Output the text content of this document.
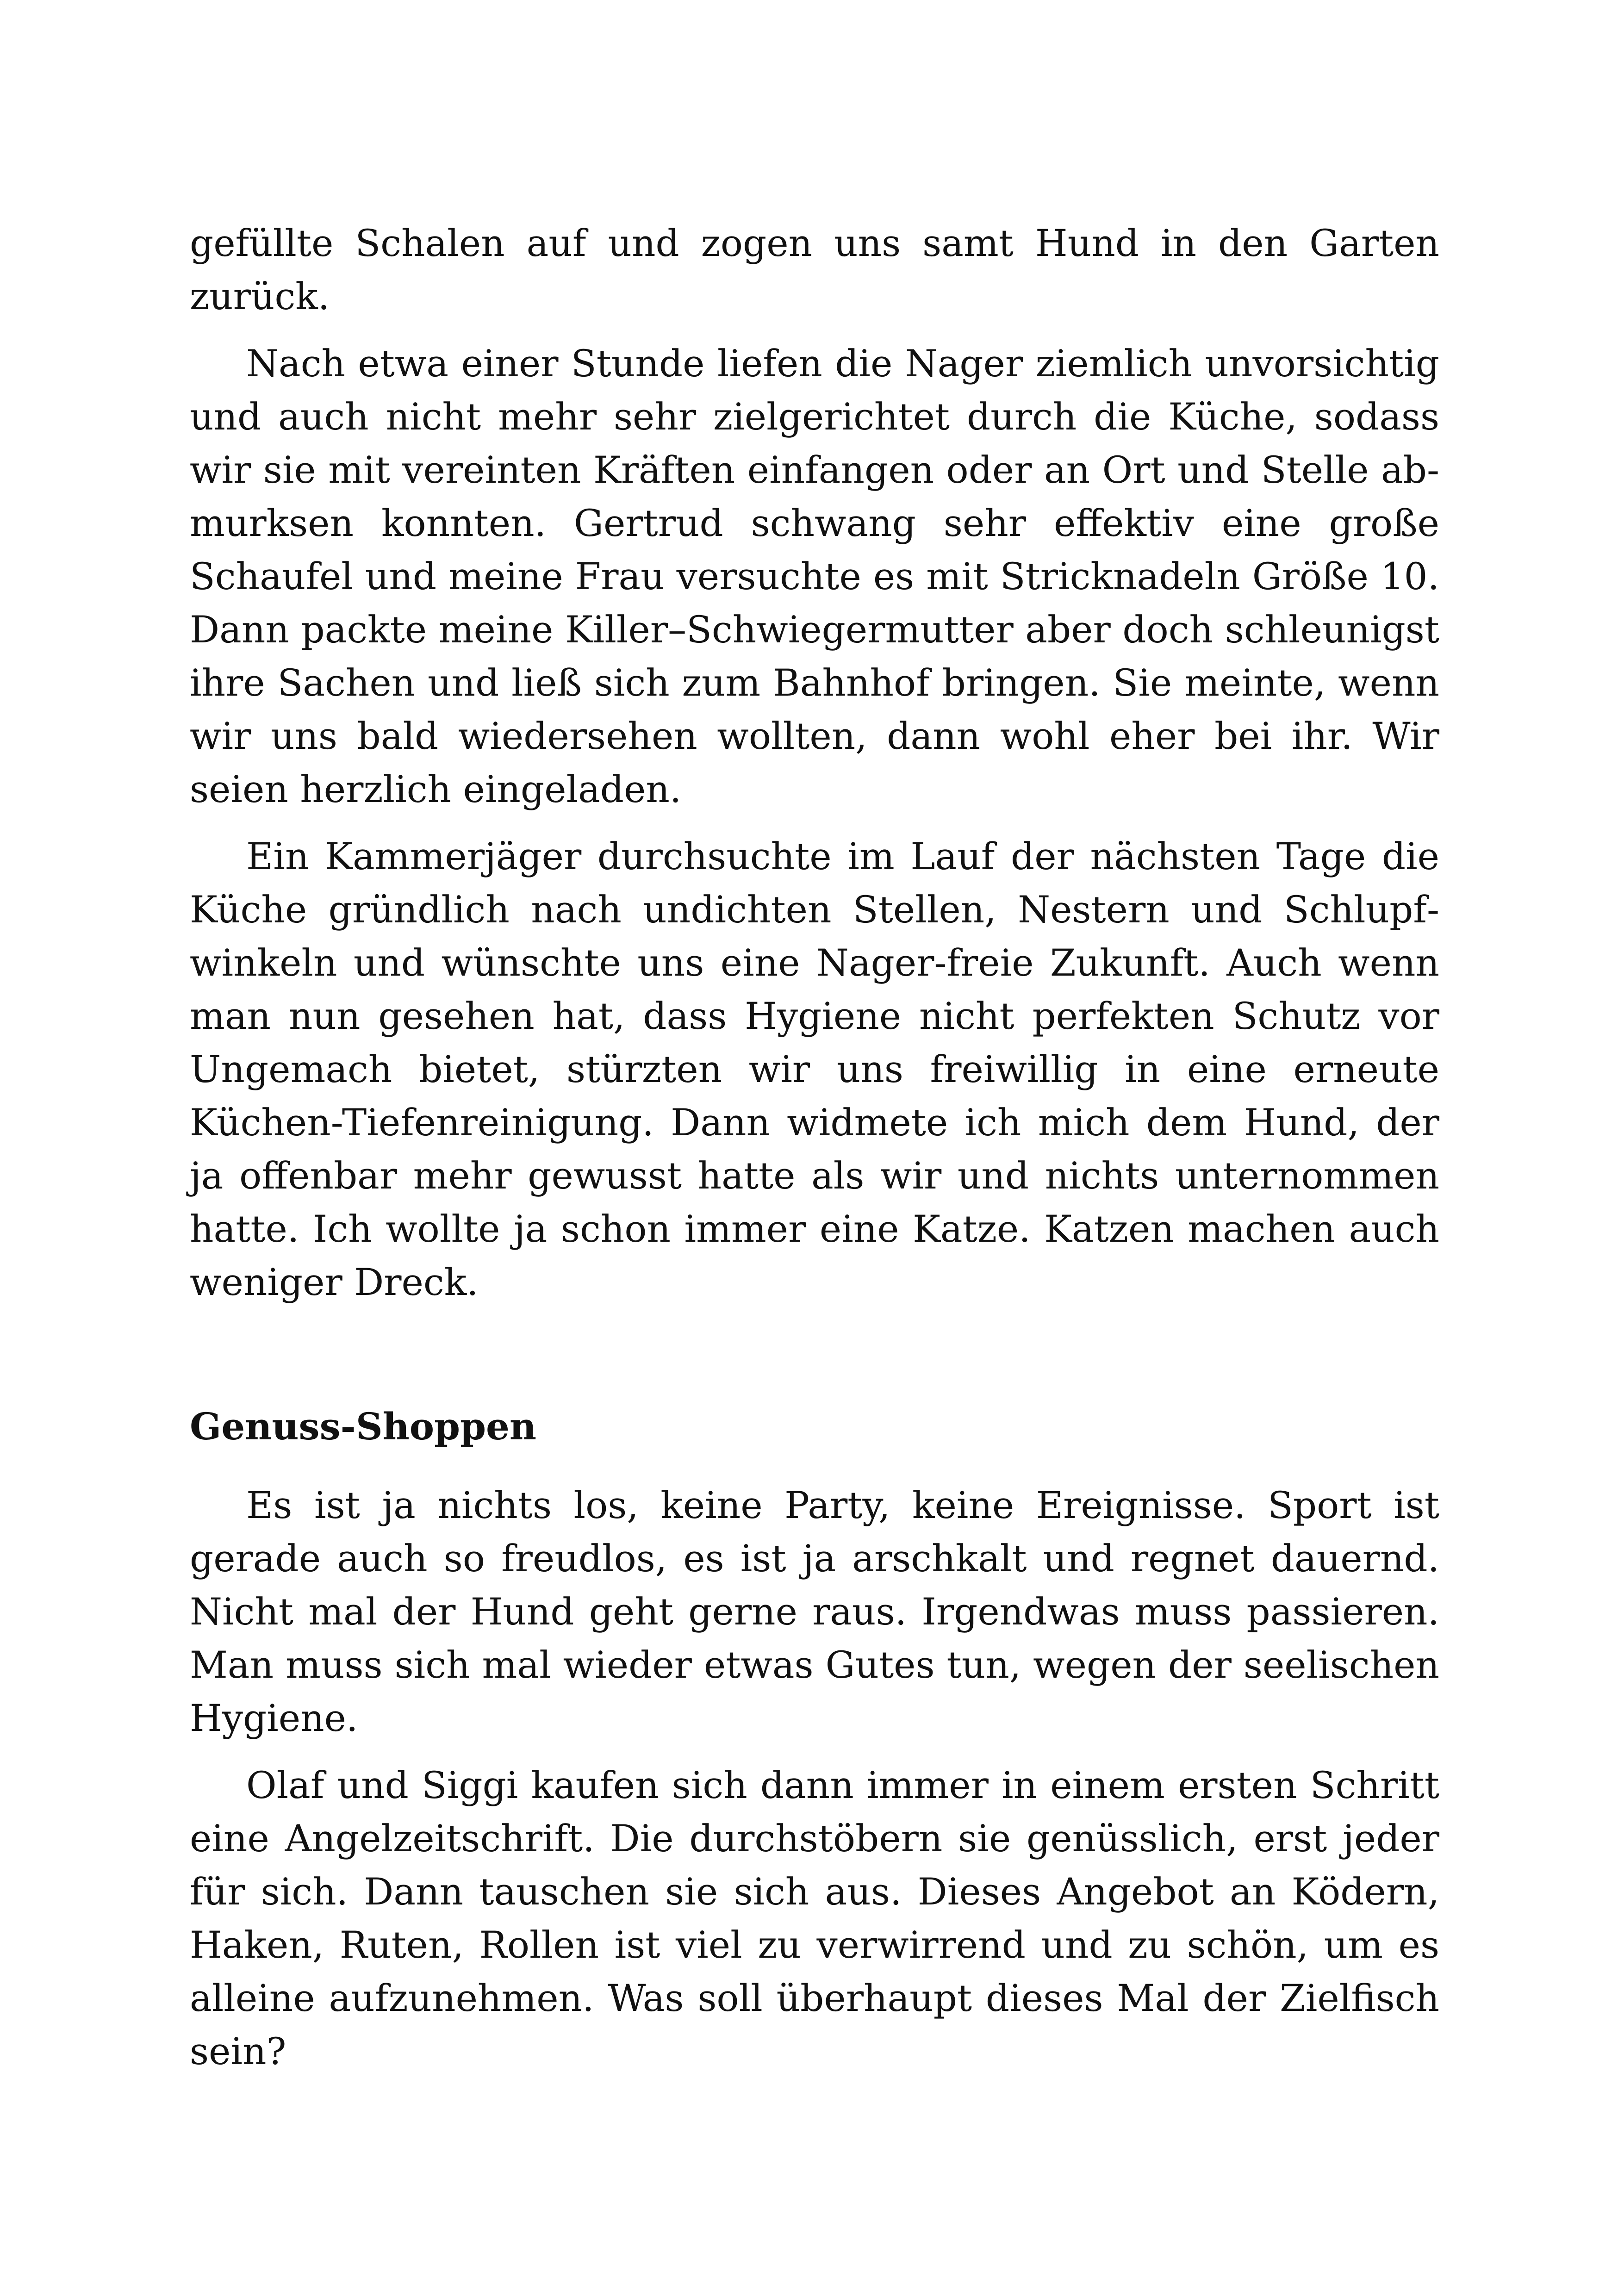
gefüllte Schalen auf und zogen uns samt Hund in den Garten zurück.

Nach etwa einer Stunde liefen die Nager ziemlich unvorsichtig und auch nicht mehr sehr zielgerichtet durch die Küche, sodass wir sie mit vereinten Kräften einfangen oder an Ort und Stelle abmurksen konnten. Gertrud schwang sehr effektiv eine große Schaufel und meine Frau versuchte es mit Stricknadeln Größe 10. Dann packte meine Killer–Schwiegermutter aber doch schleunigst ihre Sachen und ließ sich zum Bahnhof bringen. Sie meinte, wenn wir uns bald wiedersehen wollten, dann wohl eher bei ihr. Wir seien herzlich eingeladen.

Ein Kammerjäger durchsuchte im Lauf der nächsten Tage die Küche gründlich nach undichten Stellen, Nestern und Schlupfwinkeln und wünschte uns eine Nager-freie Zukunft. Auch wenn man nun gesehen hat, dass Hygiene nicht perfekten Schutz vor Ungemach bietet, stürzten wir uns freiwillig in eine erneute Küchen-Tiefenreinigung. Dann widmete ich mich dem Hund, der ja offenbar mehr gewusst hatte als wir und nichts unternommen hatte. Ich wollte ja schon immer eine Katze. Katzen machen auch weniger Dreck.

Genuss-Shoppen

Es ist ja nichts los, keine Party, keine Ereignisse. Sport ist gerade auch so freudlos, es ist ja arschkalt und regnet dauernd. Nicht mal der Hund geht gerne raus. Irgendwas muss passieren. Man muss sich mal wieder etwas Gutes tun, wegen der seelischen Hygiene.

Olaf und Siggi kaufen sich dann immer in einem ersten Schritt eine Angelzeitschrift. Die durchstöbern sie genüsslich, erst jeder für sich. Dann tauschen sie sich aus. Dieses Angebot an Ködern, Haken, Ruten, Rollen ist viel zu verwirrend und zu schön, um es alleine aufzunehmen. Was soll überhaupt dieses Mal der Zielfisch sein?
